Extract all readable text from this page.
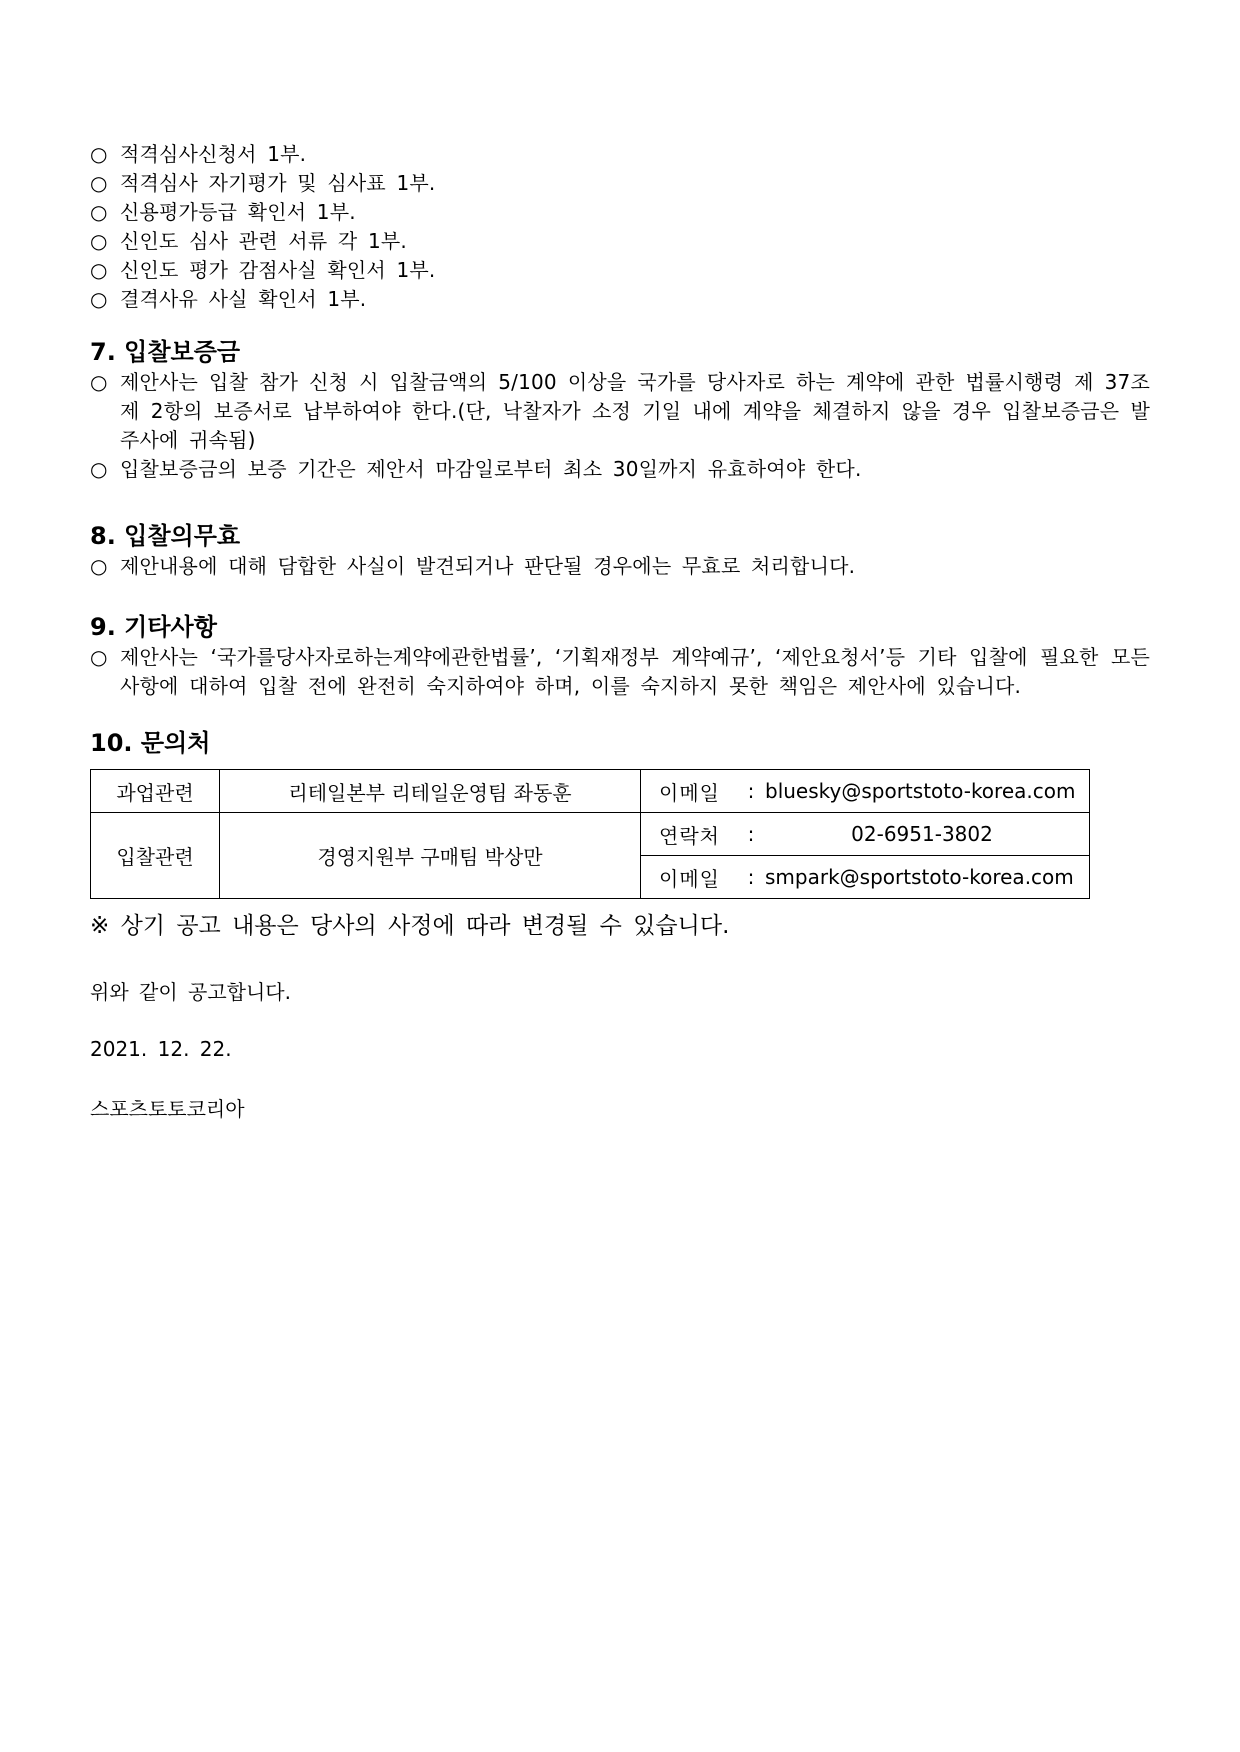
○ 적격심사신청서 1부.
○ 적격심사 자기평가 및 심사표 1부.
○ 신용평가등급 확인서 1부.
○ 신인도 심사 관련 서류 각 1부.
○ 신인도 평가 감점사실 확인서 1부.
○ 결격사유 사실 확인서 1부.
7. 입찰보증금
○ 제안사는 입찰 참가 신청 시 입찰금액의 5/100 이상을 국가를 당사자로 하는 계약에 관한 법률시행령 제 37조 제 2항의 보증서로 납부하여야 한다.(단, 낙찰자가 소정 기일 내에 계약을 체결하지 않을 경우 입찰보증금은 발주사에 귀속됨)
○ 입찰보증금의 보증 기간은 제안서 마감일로부터 최소 30일까지 유효하여야 한다.
8. 입찰의무효
○ 제안내용에 대해 담합한 사실이 발견되거나 판단될 경우에는 무효로 처리합니다.
9. 기타사항
○ 제안사는 ‘국가를당사자로하는계약에관한법률’, ‘기획재정부 계약예규’, ‘제안요청서’등 기타 입찰에 필요한 모든 사항에 대하여 입찰 전에 완전히 숙지하여야 하며, 이를 숙지하지 못한 책임은 제안사에 있습니다.
10. 문의처
과업관련	리테일본부 리테일운영팀 좌동훈	이메일 : bluesky@sportstoto-korea.com

입찰관련	경영지원부 구매팀 박상만	연락처 : 02-6951-3802

		이메일 : smpark@sportstoto-korea.com
※ 상기 공고 내용은 당사의 사정에 따라 변경될 수 있습니다.
위와 같이 공고합니다.
2021. 12. 22.
스포츠토토코리아
